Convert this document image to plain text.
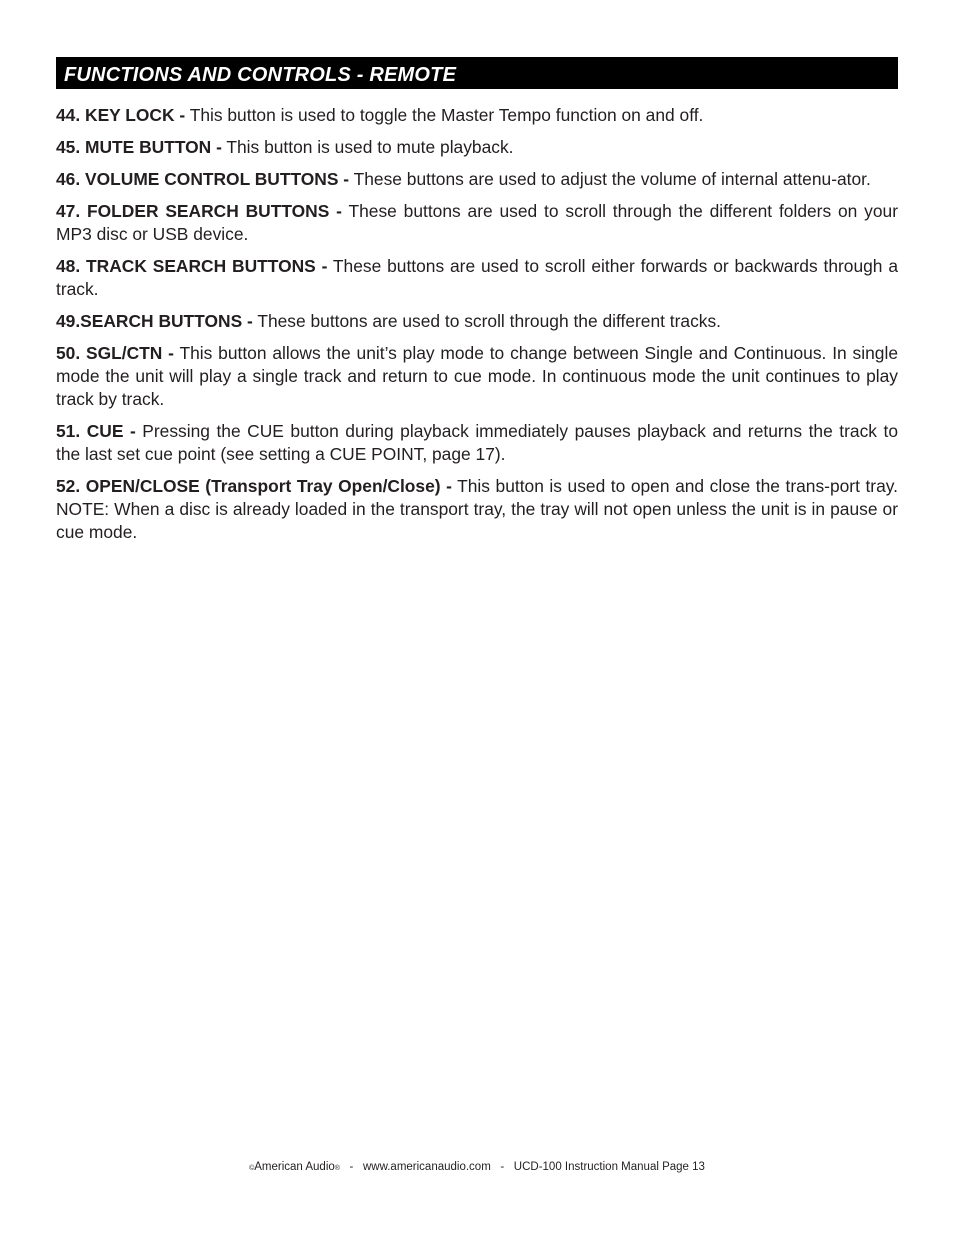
FUNCTIONS AND CONTROLS - REMOTE

44. KEY LOCK - This button is used to toggle the Master Tempo function on and off.

45. MUTE BUTTON - This button is used to mute playback.

46. VOLUME CONTROL BUTTONS - These buttons are used to adjust the volume of internal attenu-ator.

47. FOLDER SEARCH BUTTONS - These buttons are used to scroll through the different folders on your MP3 disc or USB device.

48. TRACK SEARCH BUTTONS - These buttons are used to scroll either forwards or backwards through a track.

49.SEARCH BUTTONS - These buttons are used to scroll through the different tracks.

50. SGL/CTN - This button allows the unit’s play mode to change between Single and Continuous. In single mode the unit will play a single track and return to cue mode. In continuous mode the unit continues to play track by track.

51. CUE - Pressing the CUE button during playback immediately pauses playback and returns the track to the last set cue point (see setting a CUE POINT, page 17).

52. OPEN/CLOSE (Transport Tray Open/Close) - This button is used to open and close the trans-port tray. NOTE: When a disc is already loaded in the transport tray, the tray will not open unless the unit is in pause or cue mode.

©American Audio®   -   www.americanaudio.com   -   UCD-100 Instruction Manual Page 13
